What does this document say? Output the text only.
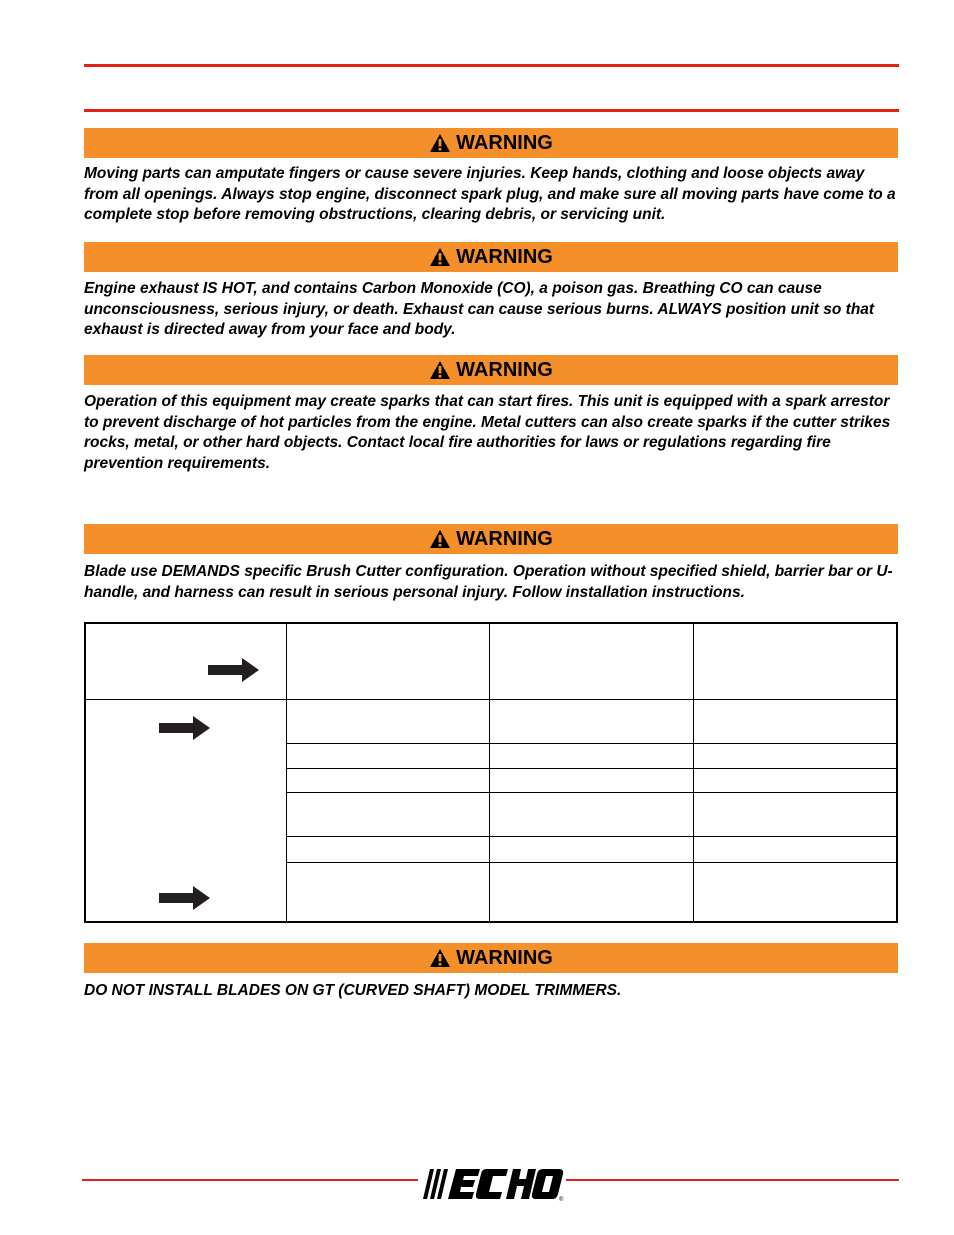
WARNING
Moving parts can amputate fingers or cause severe injuries. Keep hands, clothing and loose objects away from all openings. Always stop engine, disconnect spark plug, and make sure all moving parts have come to a complete stop before removing obstructions, clearing debris, or servicing unit.
WARNING
Engine exhaust IS HOT, and contains Carbon Monoxide (CO), a poison gas. Breathing CO can cause unconsciousness, serious injury, or death. Exhaust can cause serious burns. ALWAYS position unit so that exhaust is directed away from your face and body.
WARNING
Operation of this equipment may create sparks that can start fires. This unit is equipped with a spark arrestor to prevent discharge of hot particles from the engine. Metal cutters can also create sparks if the cutter strikes rocks, metal, or other hard objects. Contact local fire authorities for laws or regulations regarding fire prevention requirements.
WARNING
Blade use DEMANDS specific Brush Cutter configuration. Operation without specified shield, barrier bar or U-handle, and harness can result in serious personal injury. Follow installation instructions.
WARNING
DO NOT INSTALL BLADES ON GT (CURVED SHAFT) MODEL TRIMMERS.
®
